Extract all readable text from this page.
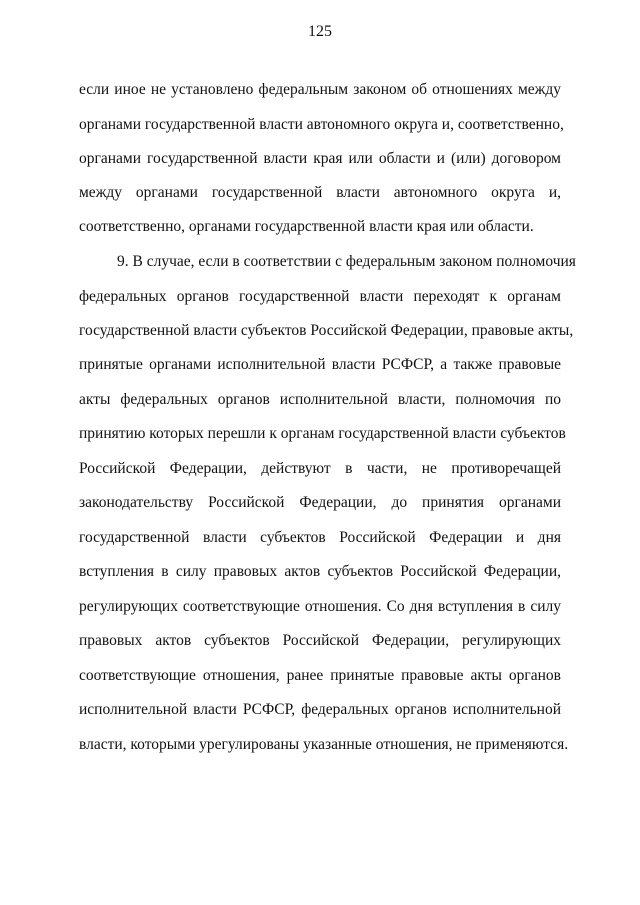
125
если иное не установлено федеральным законом об отношениях между
органами государственной власти автономного округа и, соответственно,
органами государственной власти края или области и (или) договором
между органами государственной власти автономного округа и,
соответственно, органами государственной власти края или области.
9. В случае, если в соответствии с федеральным законом полномочия
федеральных органов государственной власти переходят к органам
государственной власти субъектов Российской Федерации, правовые акты,
принятые органами исполнительной власти РСФСР, а также правовые
акты федеральных органов исполнительной власти, полномочия по
принятию которых перешли к органам государственной власти субъектов
Российской Федерации, действуют в части, не противоречащей
законодательству Российской Федерации, до принятия органами
государственной власти субъектов Российской Федерации и дня
вступления в силу правовых актов субъектов Российской Федерации,
регулирующих соответствующие отношения. Со дня вступления в силу
правовых актов субъектов Российской Федерации, регулирующих
соответствующие отношения, ранее принятые правовые акты органов
исполнительной власти РСФСР, федеральных органов исполнительной
власти, которыми урегулированы указанные отношения, не применяются.
